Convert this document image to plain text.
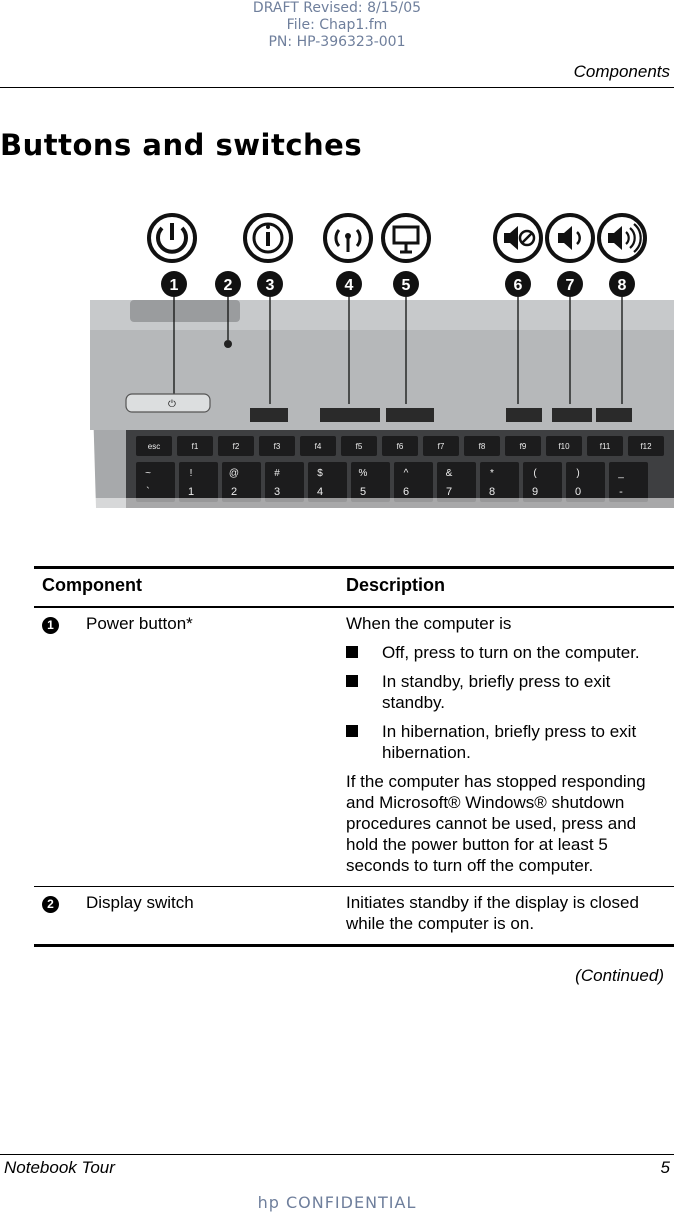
DRAFT Revised: 8/15/05
File: Chap1.fm
PN: HP-396323-001
Components
Buttons and switches
1	2 3	4	5	6	7	8
⏻
esc	f1	f2	f3	f4	f5	f6	f7	f8	f9	f10	f11	f12
~
`
!
1
@
2
#
3
$
4
%
5
^
6
&
7
*
8
(
9
)
0
_
-
Component		Description
1	Power button*	When the computer is
Off, press to turn on the computer.
In standby, briefly press to exit standby.
In hibernation, briefly press to exit hibernation.
If the computer has stopped responding and Microsoft® Windows® shutdown procedures cannot be used, press and hold the power button for at least 5 seconds to turn off the computer.

2	Display switch	Initiates standby if the display is closed while the computer is on.
(Continued)
Notebook Tour	5
hp CONFIDENTIAL
